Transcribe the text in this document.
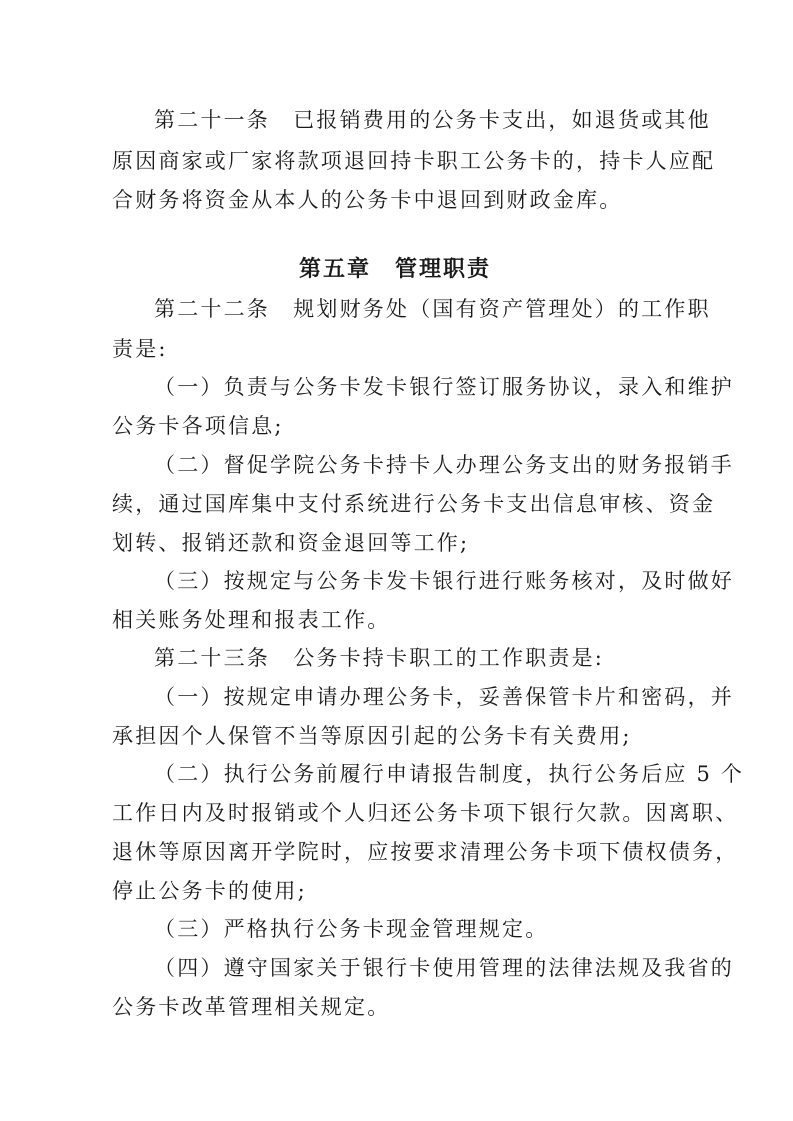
第二十一条　已报销费用的公务卡支出，如退货或其他
原因商家或厂家将款项退回持卡职工公务卡的，持卡人应配
合财务将资金从本人的公务卡中退回到财政金库。
第五章　管理职责
第二十二条　规划财务处（国有资产管理处）的工作职
责是:
（一）负责与公务卡发卡银行签订服务协议，录入和维护
公务卡各项信息;
（二）督促学院公务卡持卡人办理公务支出的财务报销手
续，通过国库集中支付系统进行公务卡支出信息审核、资金
划转、报销还款和资金退回等工作;
（三）按规定与公务卡发卡银行进行账务核对，及时做好
相关账务处理和报表工作。
第二十三条　公务卡持卡职工的工作职责是:
（一）按规定申请办理公务卡，妥善保管卡片和密码，并
承担因个人保管不当等原因引起的公务卡有关费用;
（二）执行公务前履行申请报告制度，执行公务后应 5 个
工作日内及时报销或个人归还公务卡项下银行欠款。因离职、
退休等原因离开学院时，应按要求清理公务卡项下债权债务，
停止公务卡的使用;
（三）严格执行公务卡现金管理规定。
（四）遵守国家关于银行卡使用管理的法律法规及我省的
公务卡改革管理相关规定。
